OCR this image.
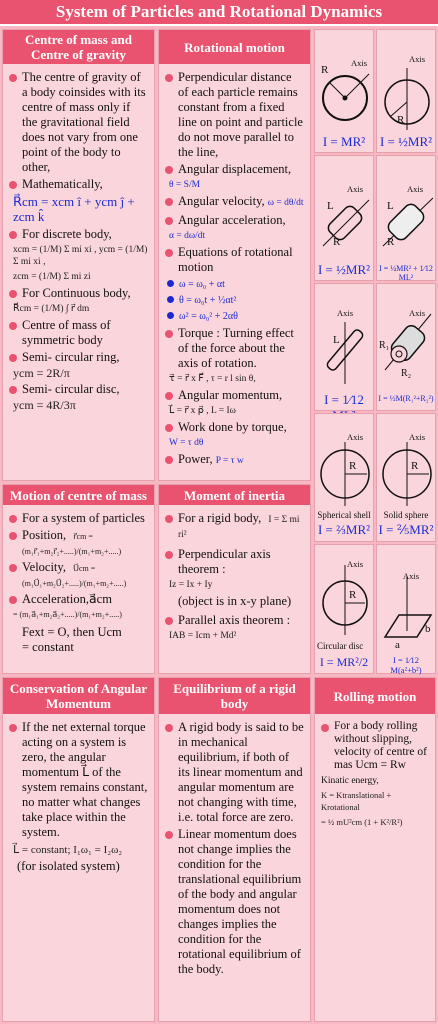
System of Particles and Rotational Dynamics
Centre of mass and Centre of gravity
The centre of gravity of a body coinsides with its centre of mass only if the gravitational field does not vary from one point of the body to other,
Mathematically,
R⃗cm = xcm î + ycm ĵ + zcm k̂
For discrete body,
xcm = (1/M) Σ mi xi , ycm = (1/M) Σ mi xi ,
zcm = (1/M) Σ mi zi
For Continuous body,
R⃗cm = (1/M) ∫ r⃗ dm
Centre of mass of symmetric body
Semi- circular ring,
ycm = 2R/π
Semi- circular disc,
ycm = 4R/3π
Rotational motion
Perpendicular distance of each particle remains constant from a fixed line on point and particle do not move parallel to the line,
Angular displacement,
θ = S/M
Angular velocity, ω = dθ/dt
Angular acceleration,
α = dω/dt
Equations of rotational motion
ω = ω₀ + αt
θ = ω₀t + ½αt²
ω² = ω₀² + 2αθ
Torque : Turning effect of the force about the axis of rotation.
τ⃗ = r⃗ x F⃗ , τ = r l sin θ,
Angular momentum,
L⃗ = r⃗ x p⃗ , L = Iω
Work done by torque,
W = τ dθ
Power, P = τ w
Axis
R
I = MR²
Axis
R
I = ½MR²
Axis
L
R
I = ½MR²
Axis
L
R
I = ¼MR² + 1⁄12 ML²
Axis
L
I = 1⁄12
Axis
R₁
R₂
I = ½M(R₁²+R₂²)
Axis
R
Spherical shell
I = ⅔MR²
Axis
R
Solid sphere
I = ⅖MR²
Axis
R
Circular disc
I = MR²/2
Axis
a
b
I = 1⁄12 M(a²+b²)
Motion of centre of mass
For a system of particles
Position, r⃗cm = (m₁r⃗₁+m₂r⃗₂+.....)/(m₁+m₂+.....)
Velocity, U⃗cm = (m₁U⃗₁+m₂U⃗₂+.....)/(m₁+m₂+.....)
Acceleration,a⃗cm
= (m₁a⃗₁+m₂a⃗₂+.....)/(m₁+m₂+.....)
Fext = O, then Ucm
= constant
Moment of inertia
For a rigid body, I = Σ mi ri²
Perpendicular axis theorem :
Iz = Ix + Iy
(object is in x-y plane)
Parallel axis theorem :
IAB = Icm + Md²
Conservation of Angular Momentum
If the net external torque acting on a system is zero, the angular momentum L⃗ of the system remains constant, no matter what changes take place within the system.
L⃗ = constant; I₁ω₁ = I₂ω₂
(for isolated system)
Equilibrium of a rigid body
A rigid body is said to be in mechanical equilibrium, if both of its linear momentum and angular momentum are not changing with time, i.e. total force are zero.
Linear momentum does not change implies the condition for the translational equilibrium of the body and angular momentum does not changes implies the condition for the rotational equilibrium of the body.
Rolling motion
For a body rolling without slipping, velocity of centre of mas Ucm = Rw
Kinatic energy,
K = Ktranslational + Krotational
= ½ mU²cm (1 + K²/R²)
